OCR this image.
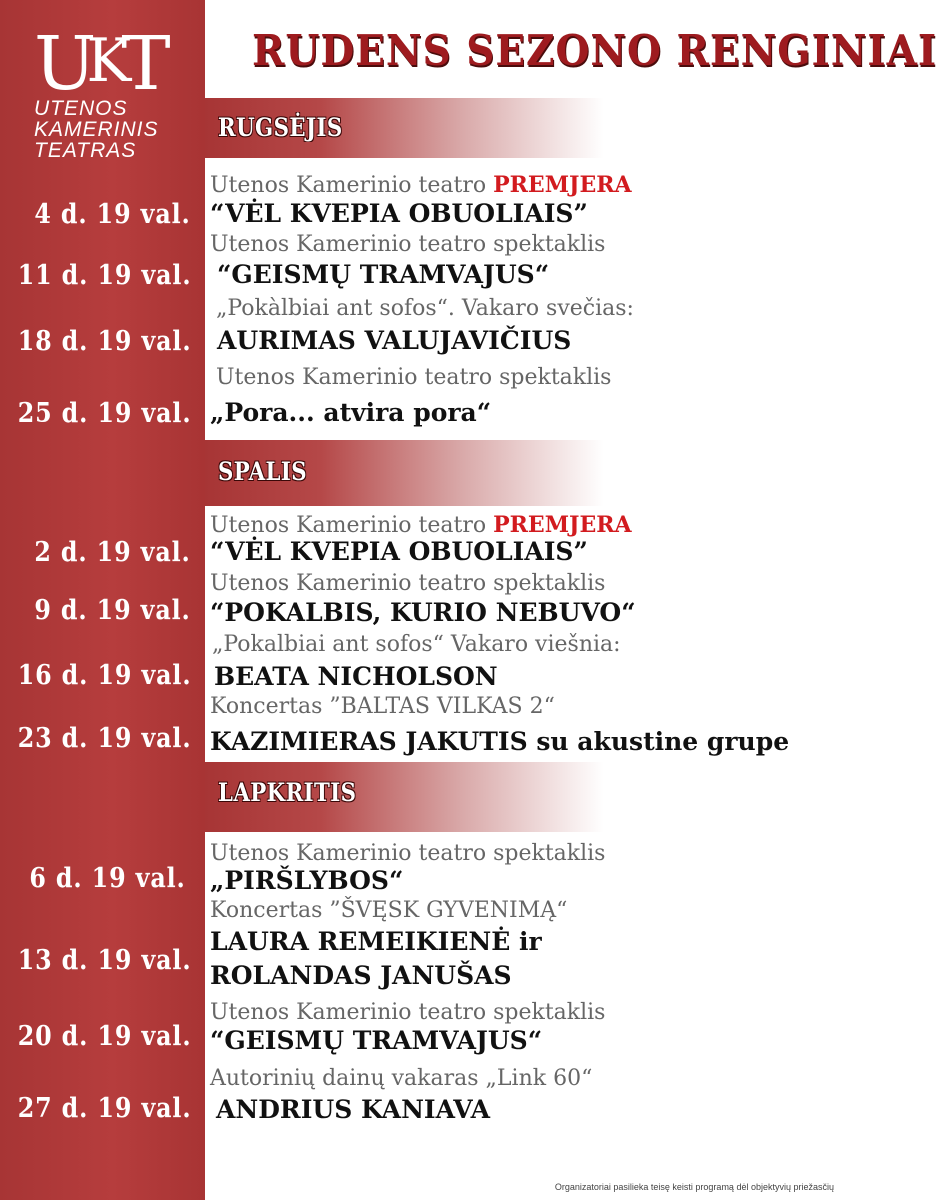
UKT
UTENOS
KAMERINIS
TEATRAS
RUDENS SEZONO RENGINIAI
RUGSĖJIS
Utenos Kamerinio teatro PREMJERA
4 d. 19 val. “VĖL KVEPIA OBUOLIAIS”
Utenos Kamerinio teatro spektaklis
11 d. 19 val. “GEISMŲ TRAMVAJUS“
„Pokàlbiai ant sofos“. Vakaro svečias:
18 d. 19 val. AURIMAS VALUJAVIČIUS
Utenos Kamerinio teatro spektaklis
25 d. 19 val. „Pora... atvira pora“
SPALIS
Utenos Kamerinio teatro PREMJERA
2 d. 19 val. “VĖL KVEPIA OBUOLIAIS”
Utenos Kamerinio teatro spektaklis
9 d. 19 val. “POKALBIS, KURIO NEBUVO“
„Pokalbiai ant sofos“ Vakaro viešnia:
16 d. 19 val. BEATA NICHOLSON
Koncertas ”BALTAS VILKAS 2“
23 d. 19 val. KAZIMIERAS JAKUTIS su akustine grupe
LAPKRITIS
Utenos Kamerinio teatro spektaklis
6 d. 19 val. „PIRŠLYBOS“
Koncertas ”ŠVĘSK GYVENIMĄ“
13 d. 19 val.
LAURA REMEIKIENĖ ir
ROLANDAS JANUŠAS
Utenos Kamerinio teatro spektaklis
20 d. 19 val. “GEISMŲ TRAMVAJUS“
Autorinių dainų vakaras „Link 60“
27 d. 19 val. ANDRIUS KANIAVA
Organizatoriai pasilieka teisę keisti programą dėl objektyvių priežasčių
